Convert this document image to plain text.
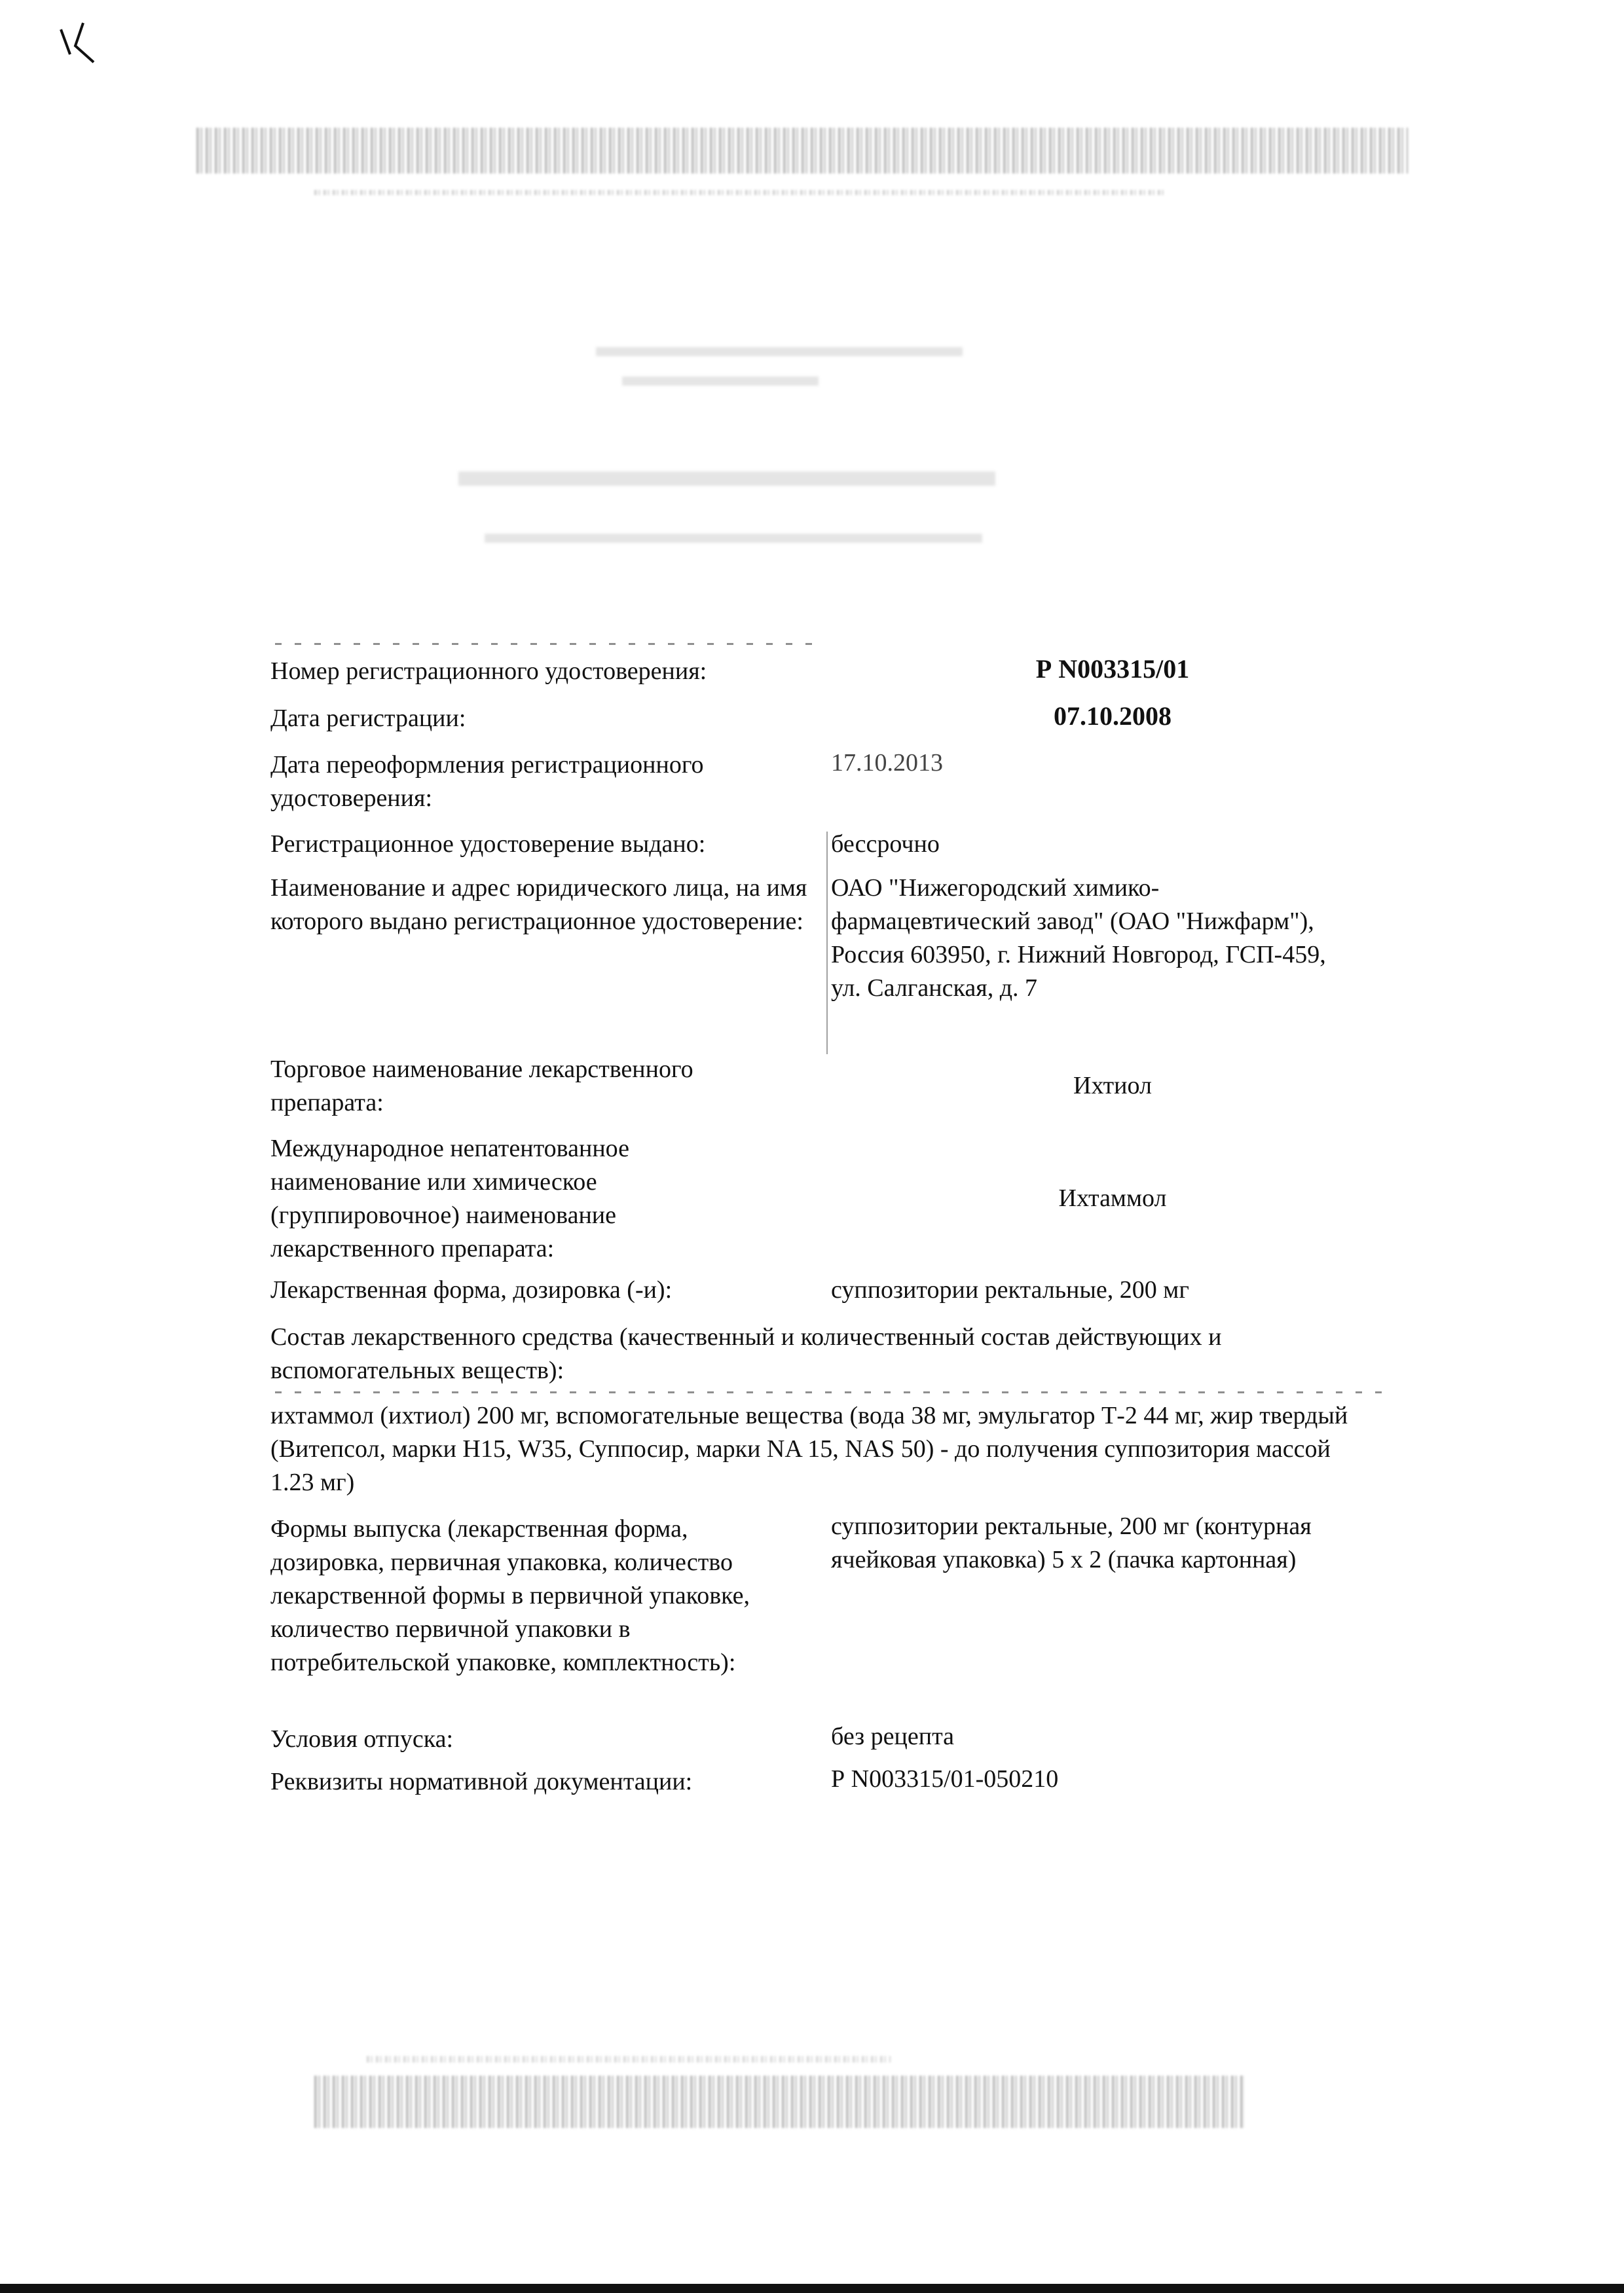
Номер регистрационного удостоверения:	Р N003315/01
Дата регистрации:	07.10.2008
Дата переоформления регистрационного удостоверения:
17.10.2013
Регистрационное удостоверение выдано:	бессрочно
Наименование и адрес юридического лица, на имя которого выдано регистрационное удостоверение:
ОАО "Нижегородский химико-фармацевтический завод" (ОАО "Нижфарм"), Россия 603950, г. Нижний Новгород, ГСП-459, ул. Салганская, д. 7
Торговое наименование лекарственного препарата:
Ихтиол
Международное непатентованное наименование или химическое (группировочное) наименование лекарственного препарата:
Ихтаммол
Лекарственная форма, дозировка (-и):	суппозитории ректальные, 200 мг
Состав лекарственного средства (качественный и количественный состав действующих и вспомогательных веществ):
ихтаммол (ихтиол) 200 мг, вспомогательные вещества (вода 38 мг, эмульгатор Т-2 44 мг, жир твердый (Витепсол, марки Н15, W35, Суппосир, марки NA 15, NAS 50) - до получения суппозитория массой 1.23 мг)
Формы выпуска (лекарственная форма, дозировка, первичная упаковка, количество лекарственной формы в первичной упаковке, количество первичной упаковки в потребительской упаковке, комплектность):
суппозитории ректальные, 200 мг (контурная ячейковая упаковка) 5 x 2 (пачка картонная)
Условия отпуска:	без рецепта
Реквизиты нормативной документации:	Р N003315/01-050210
